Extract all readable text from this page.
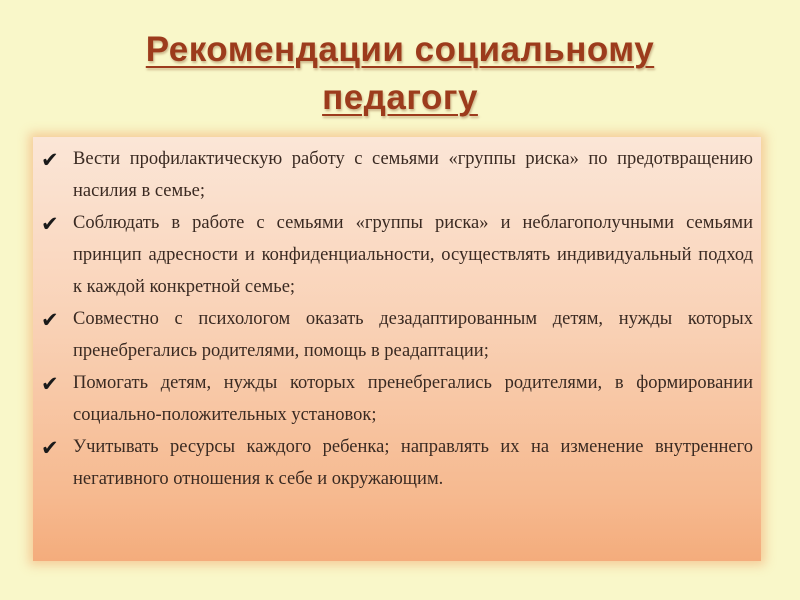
Рекомендации социальному
педагогу
✔ Вести профилактическую работу с семьями «группы риска» по предотвращению насилия в семье;
✔ Соблюдать в работе с семьями «группы риска» и неблагополучными семьями принцип адресности и конфиденциальности, осуществлять индивидуальный подход к каждой конкретной семье;
✔ Совместно с психологом оказать дезадаптированным детям, нужды которых пренебрегались родителями, помощь в реадаптации;
✔ Помогать детям, нужды которых пренебрегались родителями, в формировании социально-положительных установок;
✔ Учитывать ресурсы каждого ребенка; направлять их на изменение внутреннего негативного отношения к себе и окружающим.
